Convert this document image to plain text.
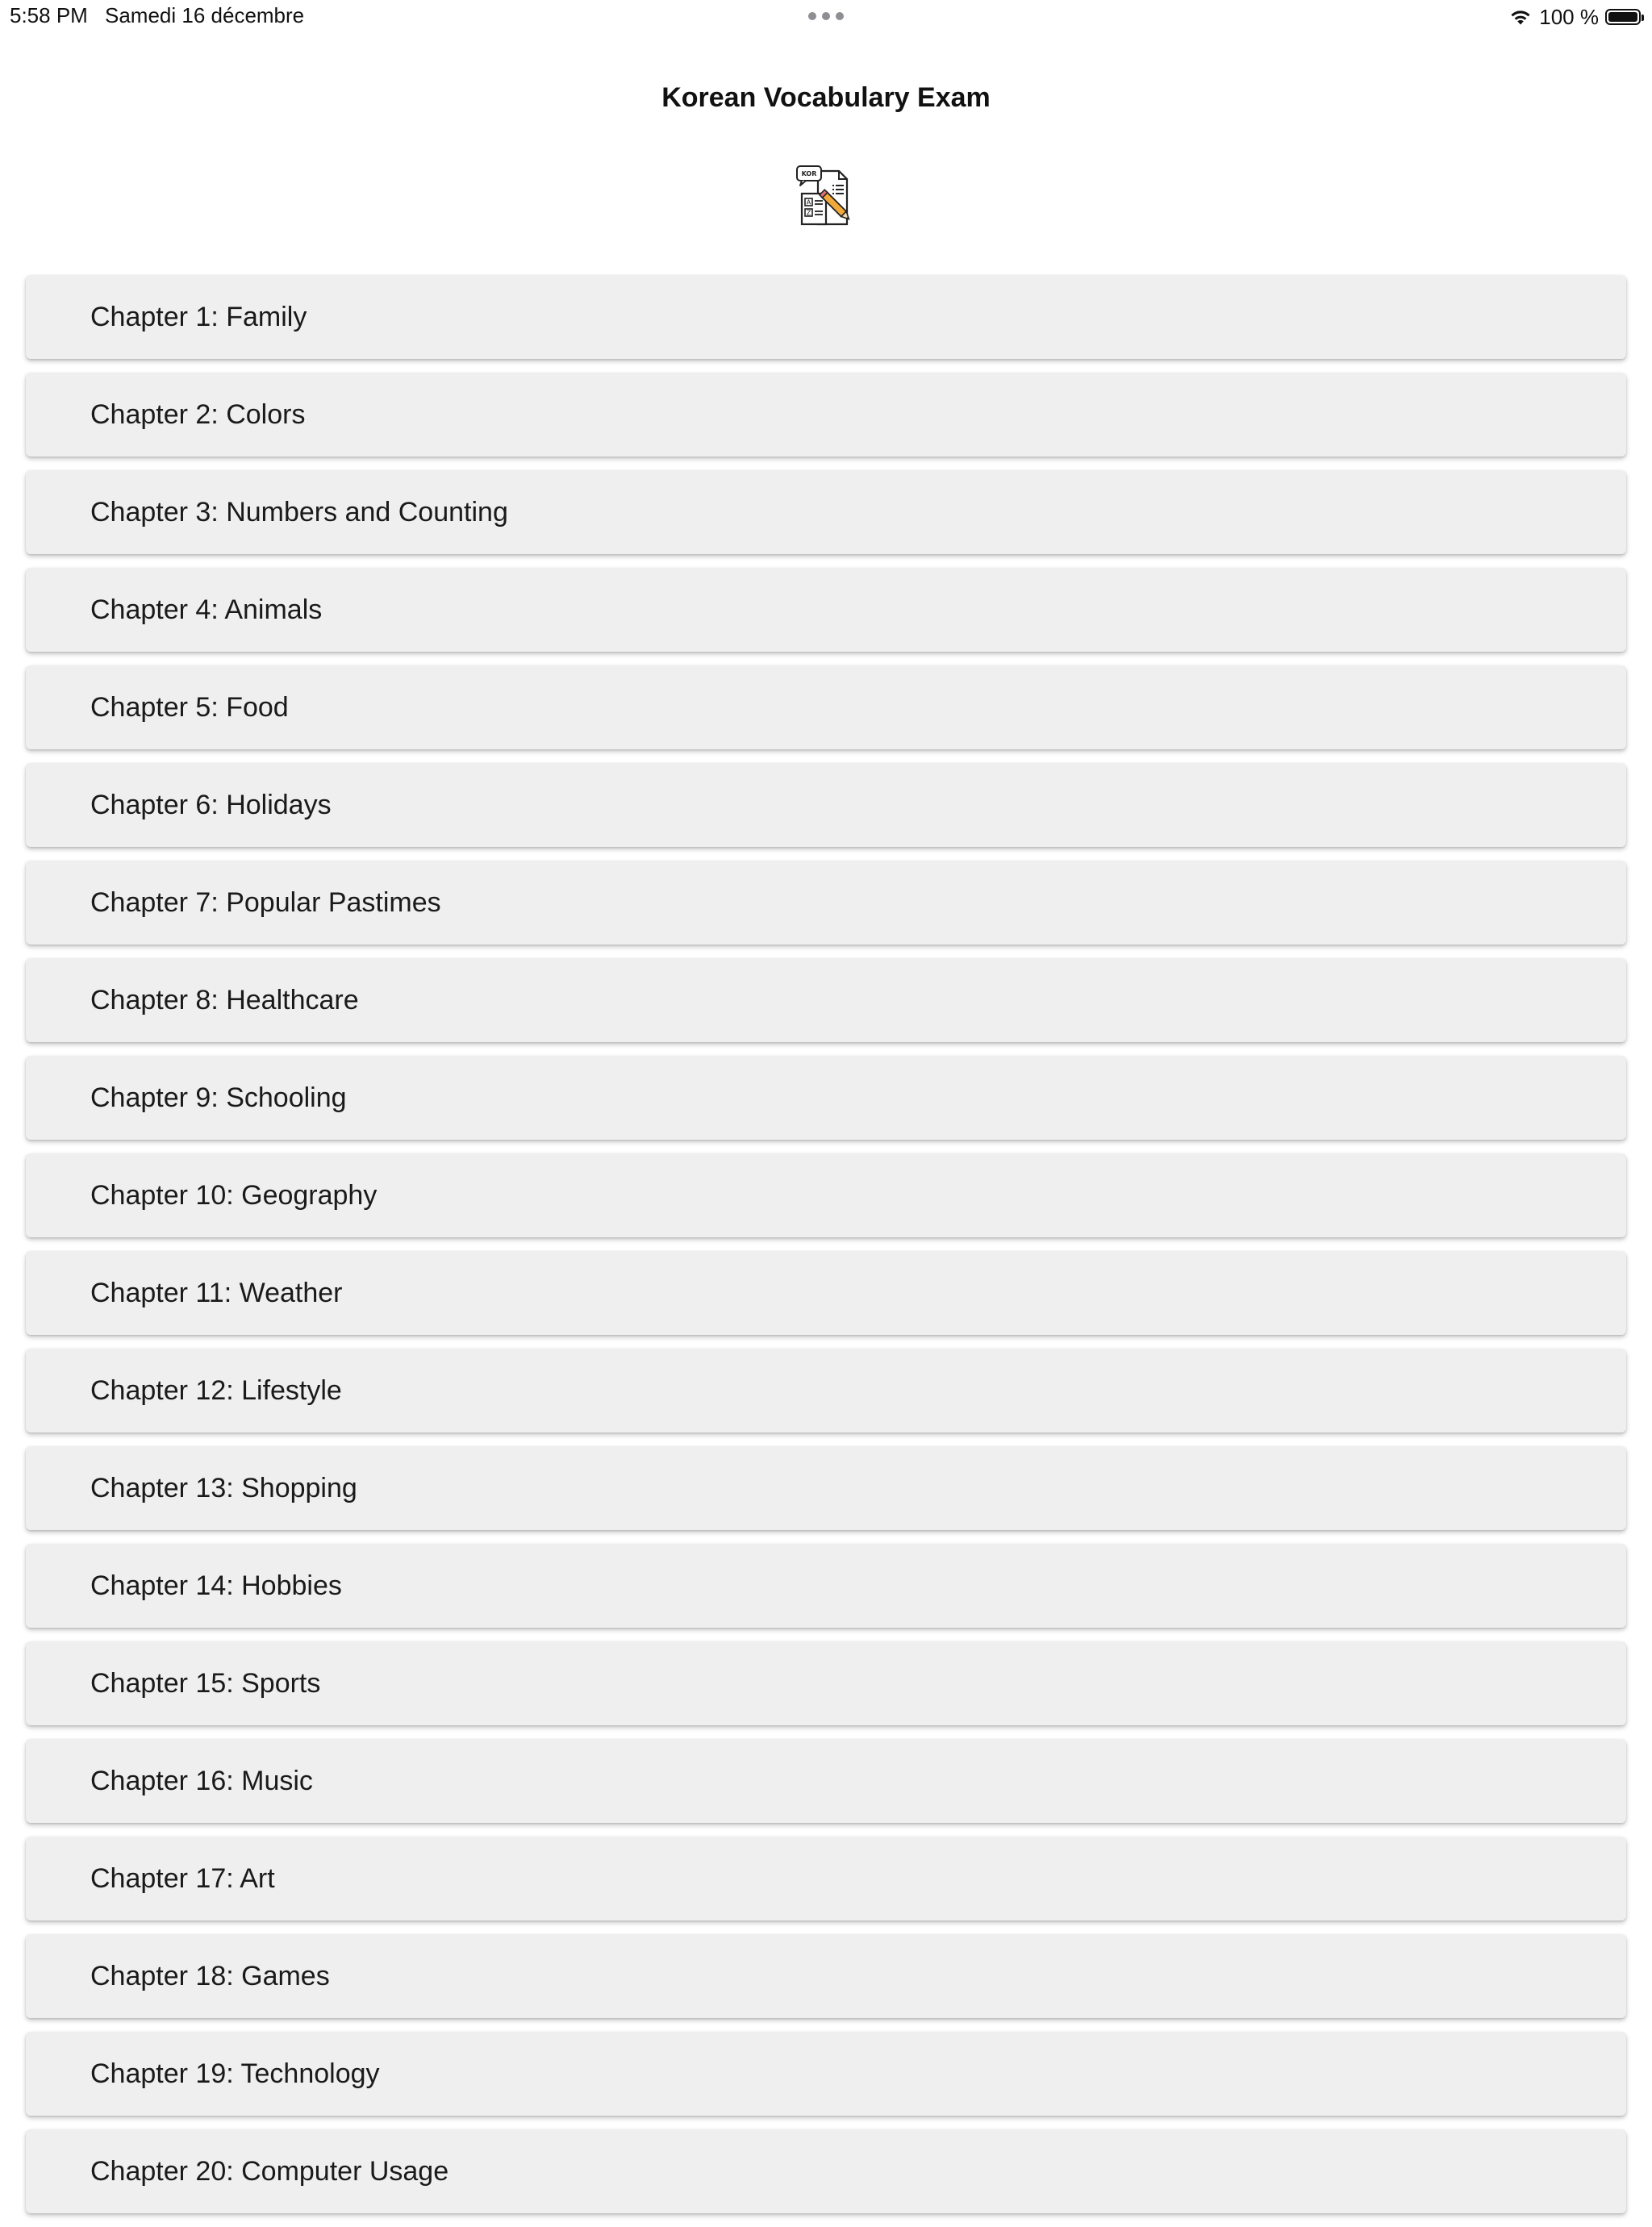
5:58 PM Samedi 16 décembre	100 %
Korean Vocabulary Exam
KOR
A
Z
Chapter 1: Family
Chapter 2: Colors
Chapter 3: Numbers and Counting
Chapter 4: Animals
Chapter 5: Food
Chapter 6: Holidays
Chapter 7: Popular Pastimes
Chapter 8: Healthcare
Chapter 9: Schooling
Chapter 10: Geography
Chapter 11: Weather
Chapter 12: Lifestyle
Chapter 13: Shopping
Chapter 14: Hobbies
Chapter 15: Sports
Chapter 16: Music
Chapter 17: Art
Chapter 18: Games
Chapter 19: Technology
Chapter 20: Computer Usage
